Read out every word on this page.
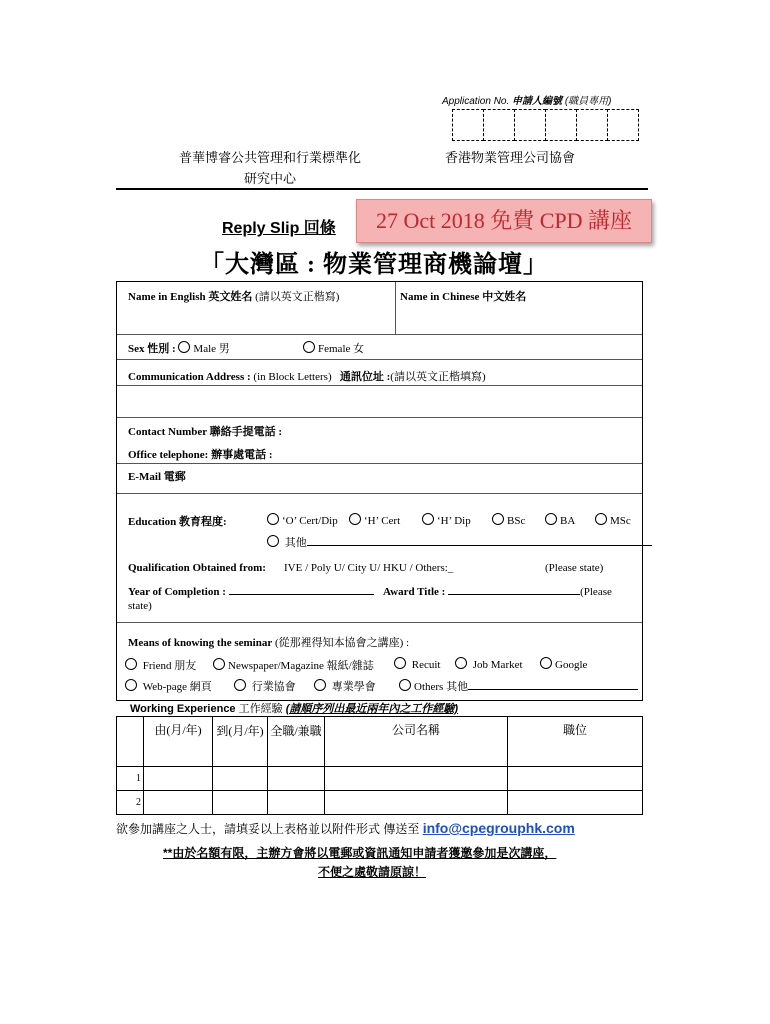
Application No. 申請人編號 (職員專用)
普華博睿公共管理和行業標準化
研究中心
香港物業管理公司協會
Reply Slip 回條	27 Oct 2018 免費 CPD 講座
「大灣區 : 物業管理商機論壇」
Name in English 英文姓名 (請以英文正楷寫)	Name in Chinese 中文姓名
Sex 性別 : Male 男	Female 女
Communication Address : (in Block Letters) 通訊位址 :(請以英文正楷填寫)
Contact Number 聯絡手提電話 :
Office telephone: 辦事處電話 :
E-Mail 電郵
Education 教育程度:	‘O’ Cert/Dip	‘H’ Cert	‘H’ Dip	BSc	BA	MSc
其他
Qualification Obtained from: IVE / Poly U/ City U/ HKU / Others:_	(Please state)
Year of Completion :	Award Title :	(Please
state)
Means of knowing the seminar (從那裡得知本協會之講座) :
Friend 朋友	Newspaper/Magazine 報紙/雜誌	Recuit	Job Market	Google
Web-page 網頁	行業協會	專業學會	Others 其他
Working Experience 工作經驗 (請順序列出最近兩年內之工作經驗)
	由(月/年)	到(月/年)	全職/兼職	公司名稱	職位
1					
2					
欲參加講座之人士，請填妥以上表格並以附件形式 傳送至 info@cpegrouphk.com
**由於名額有限，主辦方會將以電郵或資訊通知申請者獲邀參加是次講座，
不便之處敬請原諒！
